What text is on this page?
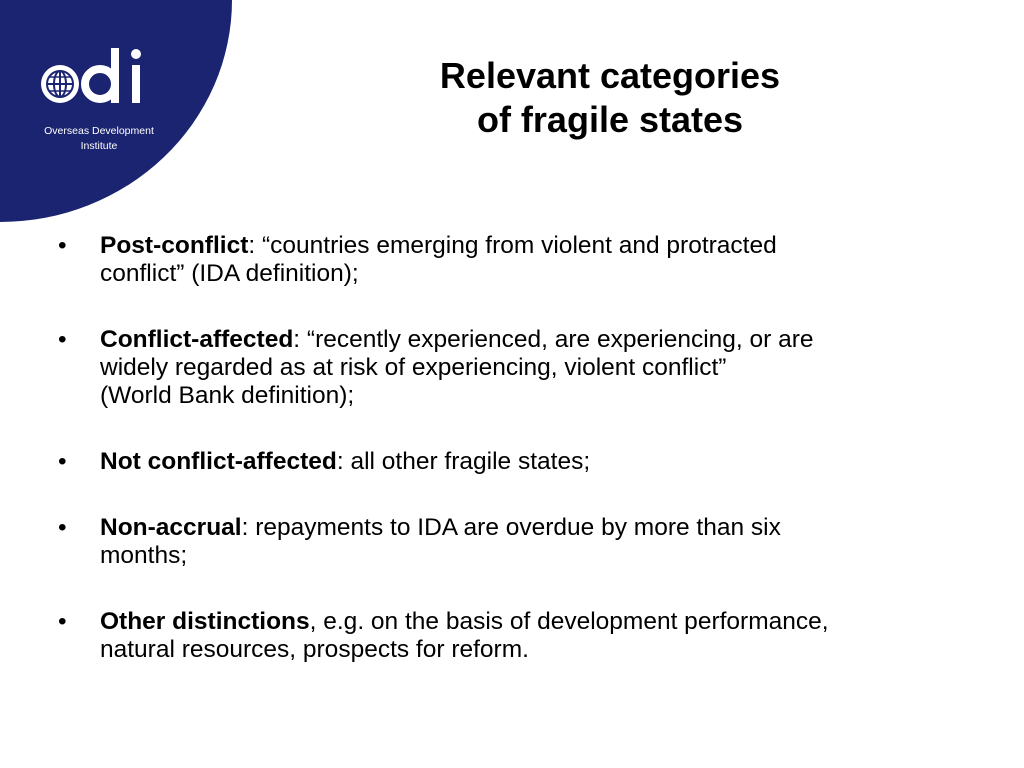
Overseas Development
Institute
Relevant categories
of fragile states
•	Post-conflict: “countries emerging from violent and protracted
conflict” (IDA definition);
•	Conflict-affected: “recently experienced, are experiencing, or are
widely regarded as at risk of experiencing, violent conflict”
(World Bank definition);
•	Not conflict-affected: all other fragile states;
•	Non-accrual: repayments to IDA are overdue by more than six
months;
•	Other distinctions, e.g. on the basis of development performance,
natural resources, prospects for reform.
